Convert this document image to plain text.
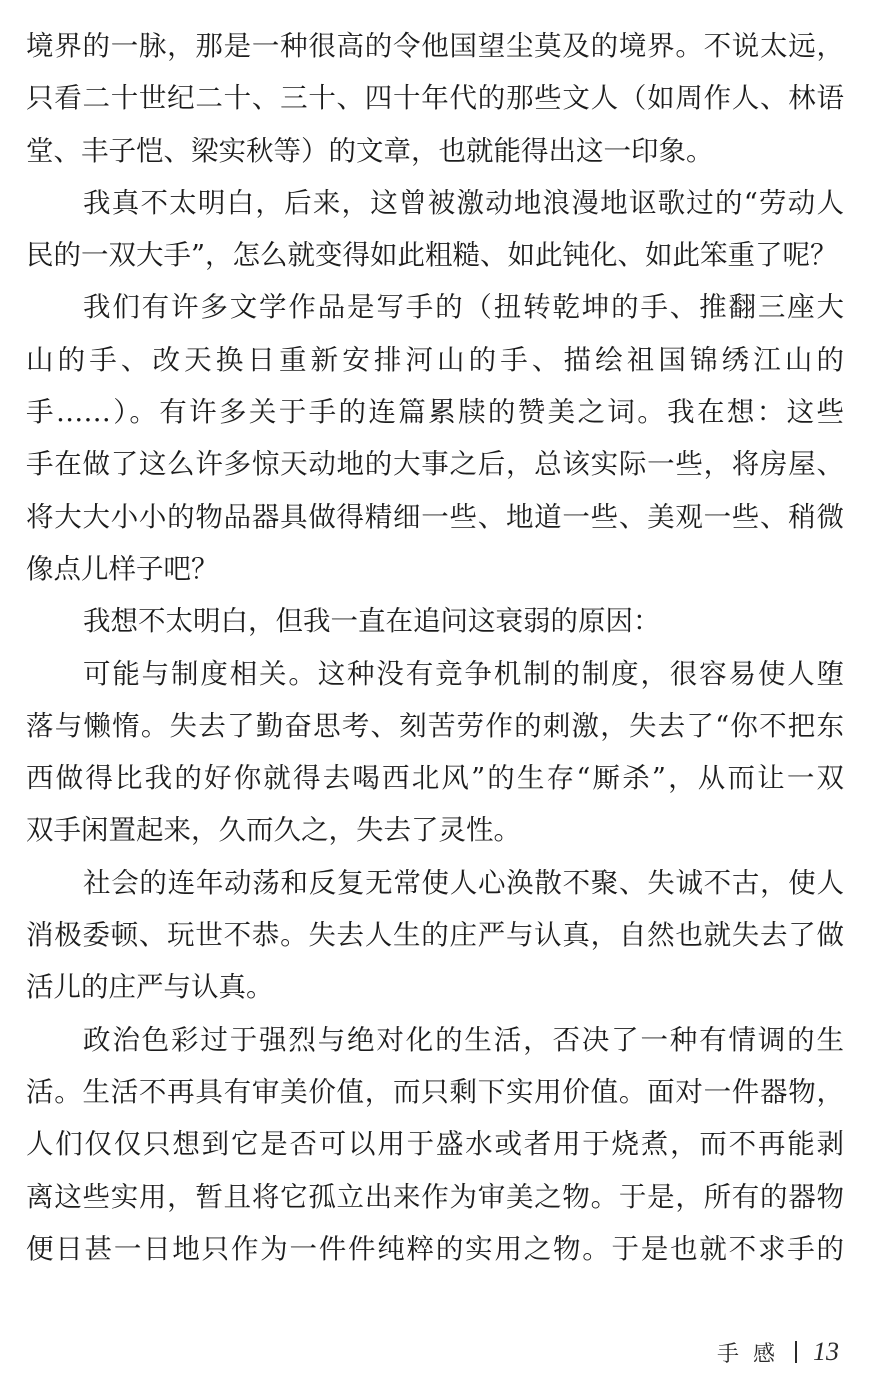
境界的一脉，那是一种很高的令他国望尘莫及的境界。不说太远，
只看二十世纪二十、三十、四十年代的那些文人（如周作人、林语
堂、丰子恺、梁实秋等）的文章，也就能得出这一印象。
我真不太明白，后来，这曾被激动地浪漫地讴歌过的“劳动人
民的一双大手”，怎么就变得如此粗糙、如此钝化、如此笨重了呢？
我们有许多文学作品是写手的（扭转乾坤的手、推翻三座大
山的手、改天换日重新安排河山的手、描绘祖国锦绣江山的
手……）。有许多关于手的连篇累牍的赞美之词。我在想：这些
手在做了这么许多惊天动地的大事之后，总该实际一些，将房屋、
将大大小小的物品器具做得精细一些、地道一些、美观一些、稍微
像点儿样子吧？
我想不太明白，但我一直在追问这衰弱的原因：
可能与制度相关。这种没有竞争机制的制度，很容易使人堕
落与懒惰。失去了勤奋思考、刻苦劳作的刺激，失去了“你不把东
西做得比我的好你就得去喝西北风”的生存“厮杀”，从而让一双
双手闲置起来，久而久之，失去了灵性。
社会的连年动荡和反复无常使人心涣散不聚、失诚不古，使人
消极委顿、玩世不恭。失去人生的庄严与认真，自然也就失去了做
活儿的庄严与认真。
政治色彩过于强烈与绝对化的生活，否决了一种有情调的生
活。生活不再具有审美价值，而只剩下实用价值。面对一件器物，
人们仅仅只想到它是否可以用于盛水或者用于烧煮，而不再能剥
离这些实用，暂且将它孤立出来作为审美之物。于是，所有的器物
便日甚一日地只作为一件件纯粹的实用之物。于是也就不求手的
手感 13
